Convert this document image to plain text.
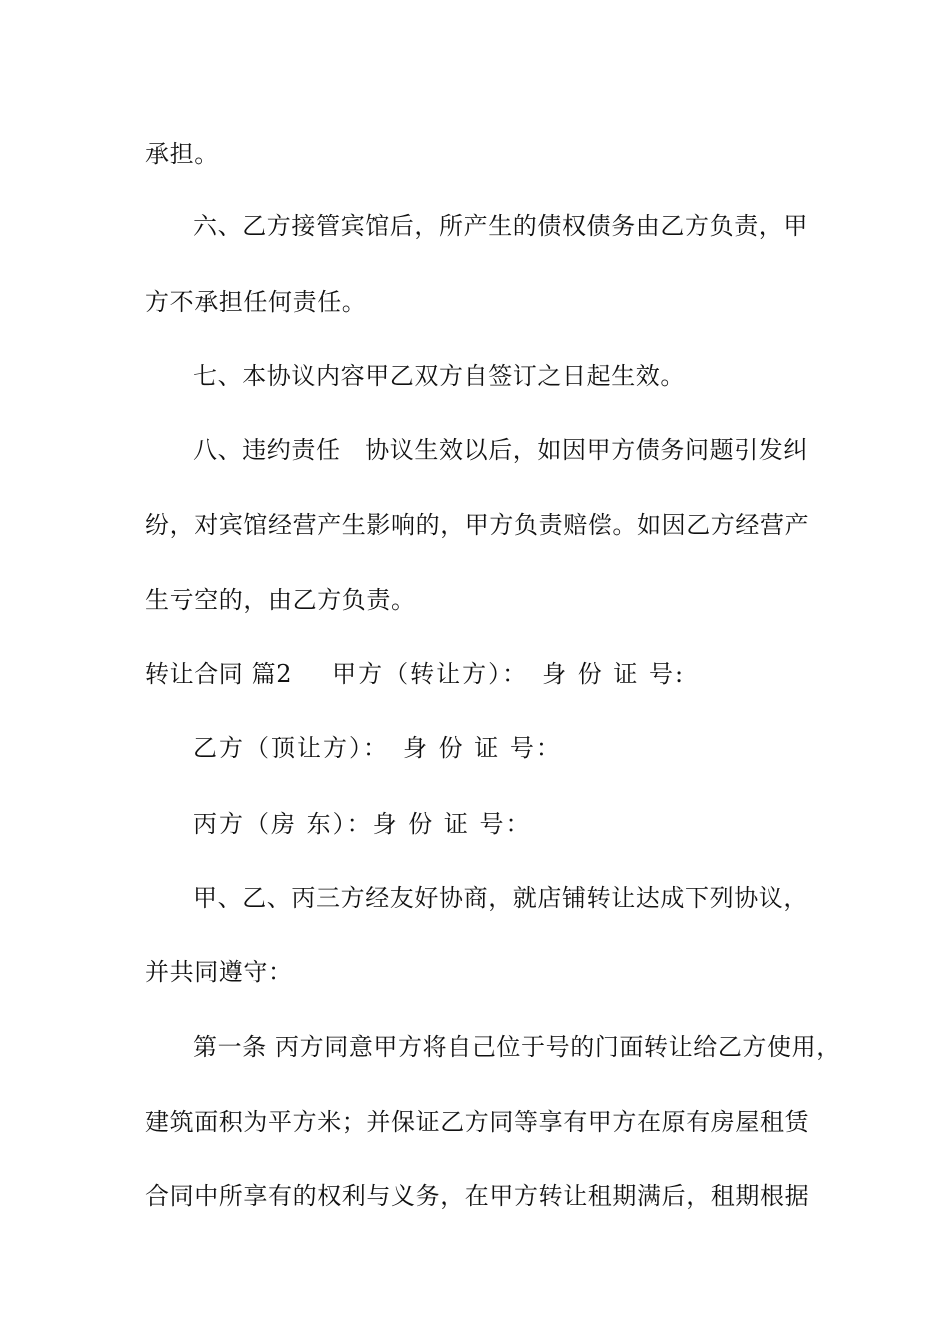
承担。
六、乙方接管宾馆后，所产生的债权债务由乙方负责，甲
方不承担任何责任。
七、本协议内容甲乙双方自签订之日起生效。
八、违约责任　协议生效以后，如因甲方债务问题引发纠
纷，对宾馆经营产生影响的，甲方负责赔偿。如因乙方经营产
生亏空的，由乙方负责。
转让合同 篇2 甲方（转让方）：　身 份 证 号:
乙方（顶让方）：　身 份 证 号：
丙方（房 东）：身 份 证 号：
甲、乙、丙三方经友好协商，就店铺转让达成下列协议，
并共同遵守：
第一条 丙方同意甲方将自己位于号的门面转让给乙方使用，
建筑面积为平方米；并保证乙方同等享有甲方在原有房屋租赁
合同中所享有的权利与义务，在甲方转让租期满后，租期根据
